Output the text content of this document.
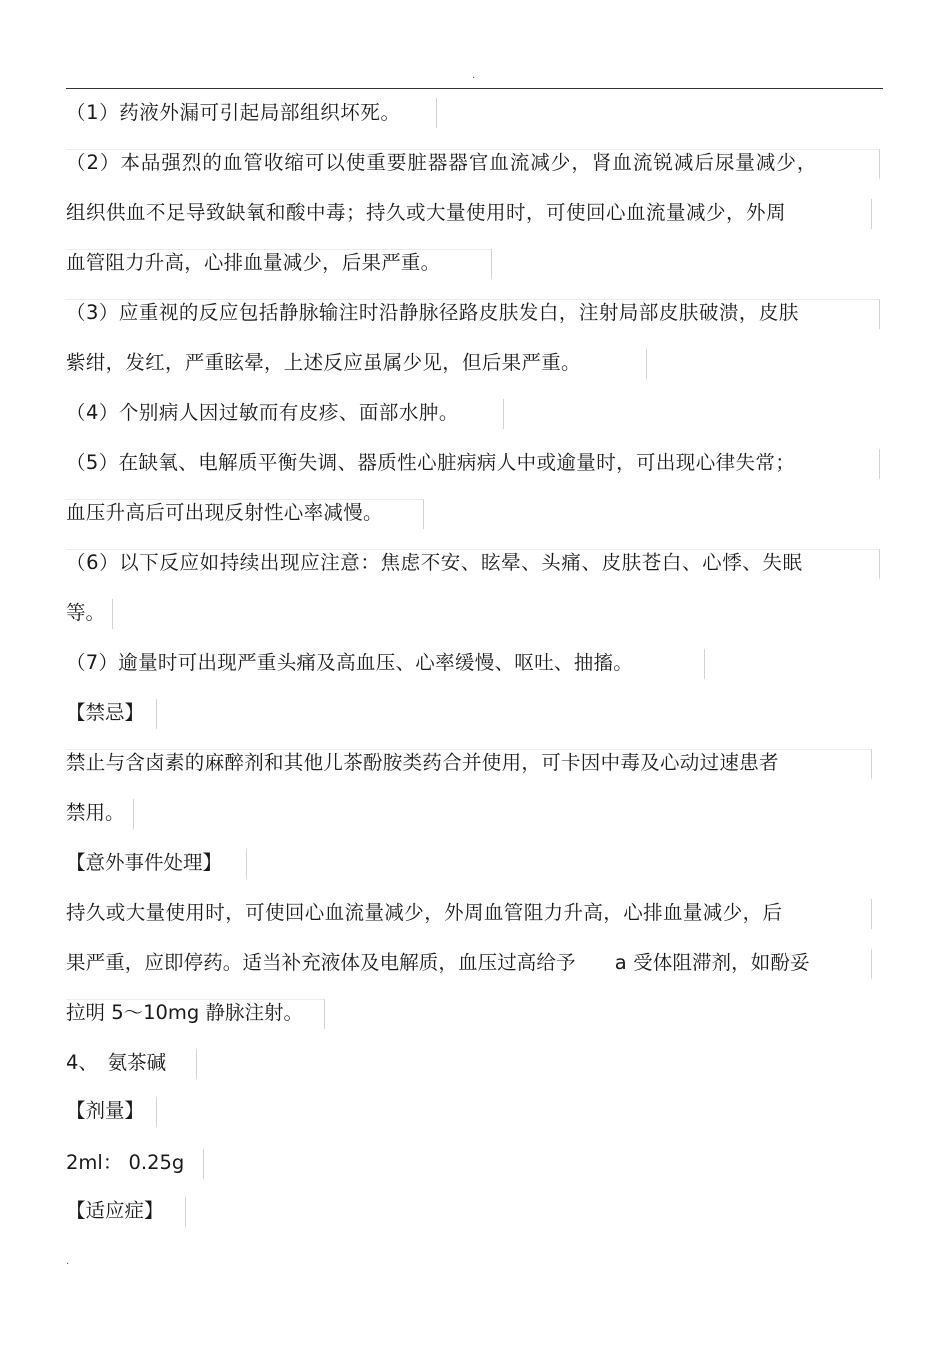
·
（1）药液外漏可引起局部组织坏死。
（2）本品强烈的血管收缩可以使重要脏器器官血流减少，肾血流锐减后尿量减少，
组织供血不足导致缺氧和酸中毒；持久或大量使用时，可使回心血流量减少，外周
血管阻力升高，心排血量减少，后果严重。
（3）应重视的反应包括静脉输注时沿静脉径路皮肤发白，注射局部皮肤破溃，皮肤
紫绀，发红，严重眩晕，上述反应虽属少见，但后果严重。
（4）个别病人因过敏而有皮疹、面部水肿。
（5）在缺氧、电解质平衡失调、器质性心脏病病人中或逾量时，可出现心律失常；
血压升高后可出现反射性心率减慢。
（6）以下反应如持续出现应注意：焦虑不安、眩晕、头痛、皮肤苍白、心悸、失眠
等。
（7）逾量时可出现严重头痛及高血压、心率缓慢、呕吐、抽搐。
【禁忌】
禁止与含卤素的麻醉剂和其他儿茶酚胺类药合并使用，可卡因中毒及心动过速患者
禁用。
【意外事件处理】
持久或大量使用时，可使回心血流量减少，外周血管阻力升高，心排血量减少，后
果严重，应即停药。适当补充液体及电解质，血压过高给予　　a 受体阻滞剂，如酚妥
拉明 5～10mg 静脉注射。
4、　氨茶碱
【剂量】
2ml： 0.25g
【适应症】
·
